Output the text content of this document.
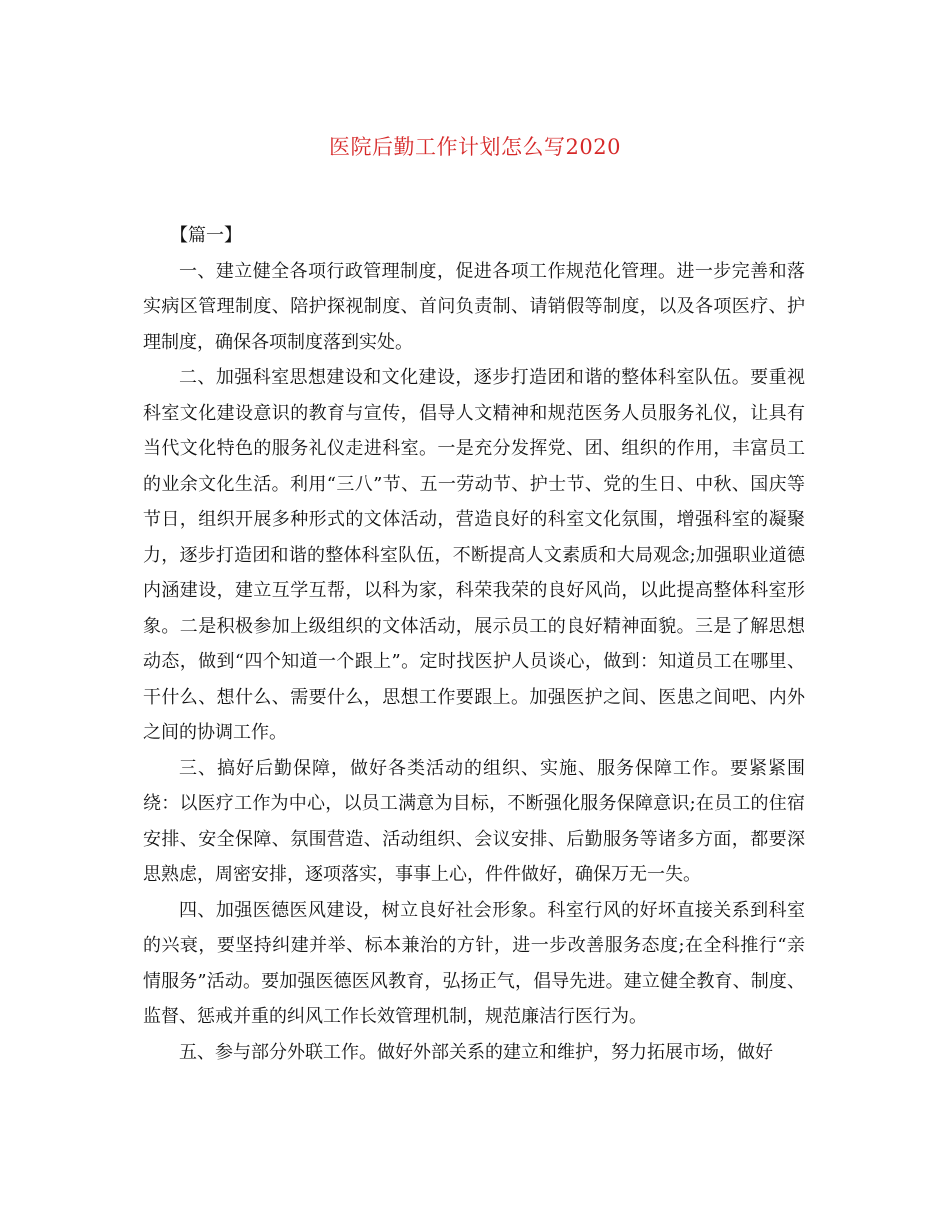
医院后勤工作计划怎么写2020

【篇一】

一、建立健全各项行政管理制度，促进各项工作规范化管理。进一步完善和落实病区管理制度、陪护探视制度、首问负责制、请销假等制度，以及各项医疗、护理制度，确保各项制度落到实处。

二、加强科室思想建设和文化建设，逐步打造团和谐的整体科室队伍。要重视科室文化建设意识的教育与宣传，倡导人文精神和规范医务人员服务礼仪，让具有当代文化特色的服务礼仪走进科室。一是充分发挥党、团、组织的作用，丰富员工的业余文化生活。利用“三八”节、五一劳动节、护士节、党的生日、中秋、国庆等节日，组织开展多种形式的文体活动，营造良好的科室文化氛围，增强科室的凝聚力，逐步打造团和谐的整体科室队伍，不断提高人文素质和大局观念;加强职业道德内涵建设，建立互学互帮，以科为家，科荣我荣的良好风尚，以此提高整体科室形象。二是积极参加上级组织的文体活动，展示员工的良好精神面貌。三是了解思想动态，做到“四个知道一个跟上”。定时找医护人员谈心，做到：知道员工在哪里、干什么、想什么、需要什么，思想工作要跟上。加强医护之间、医患之间吧、内外之间的协调工作。

三、搞好后勤保障，做好各类活动的组织、实施、服务保障工作。要紧紧围绕：以医疗工作为中心，以员工满意为目标，不断强化服务保障意识;在员工的住宿安排、安全保障、氛围营造、活动组织、会议安排、后勤服务等诸多方面，都要深思熟虑，周密安排，逐项落实，事事上心，件件做好，确保万无一失。

四、加强医德医风建设，树立良好社会形象。科室行风的好坏直接关系到科室的兴衰，要坚持纠建并举、标本兼治的方针，进一步改善服务态度;在全科推行“亲情服务”活动。要加强医德医风教育，弘扬正气，倡导先进。建立健全教育、制度、监督、惩戒并重的纠风工作长效管理机制，规范廉洁行医行为。

五、参与部分外联工作。做好外部关系的建立和维护，努力拓展市场，做好
